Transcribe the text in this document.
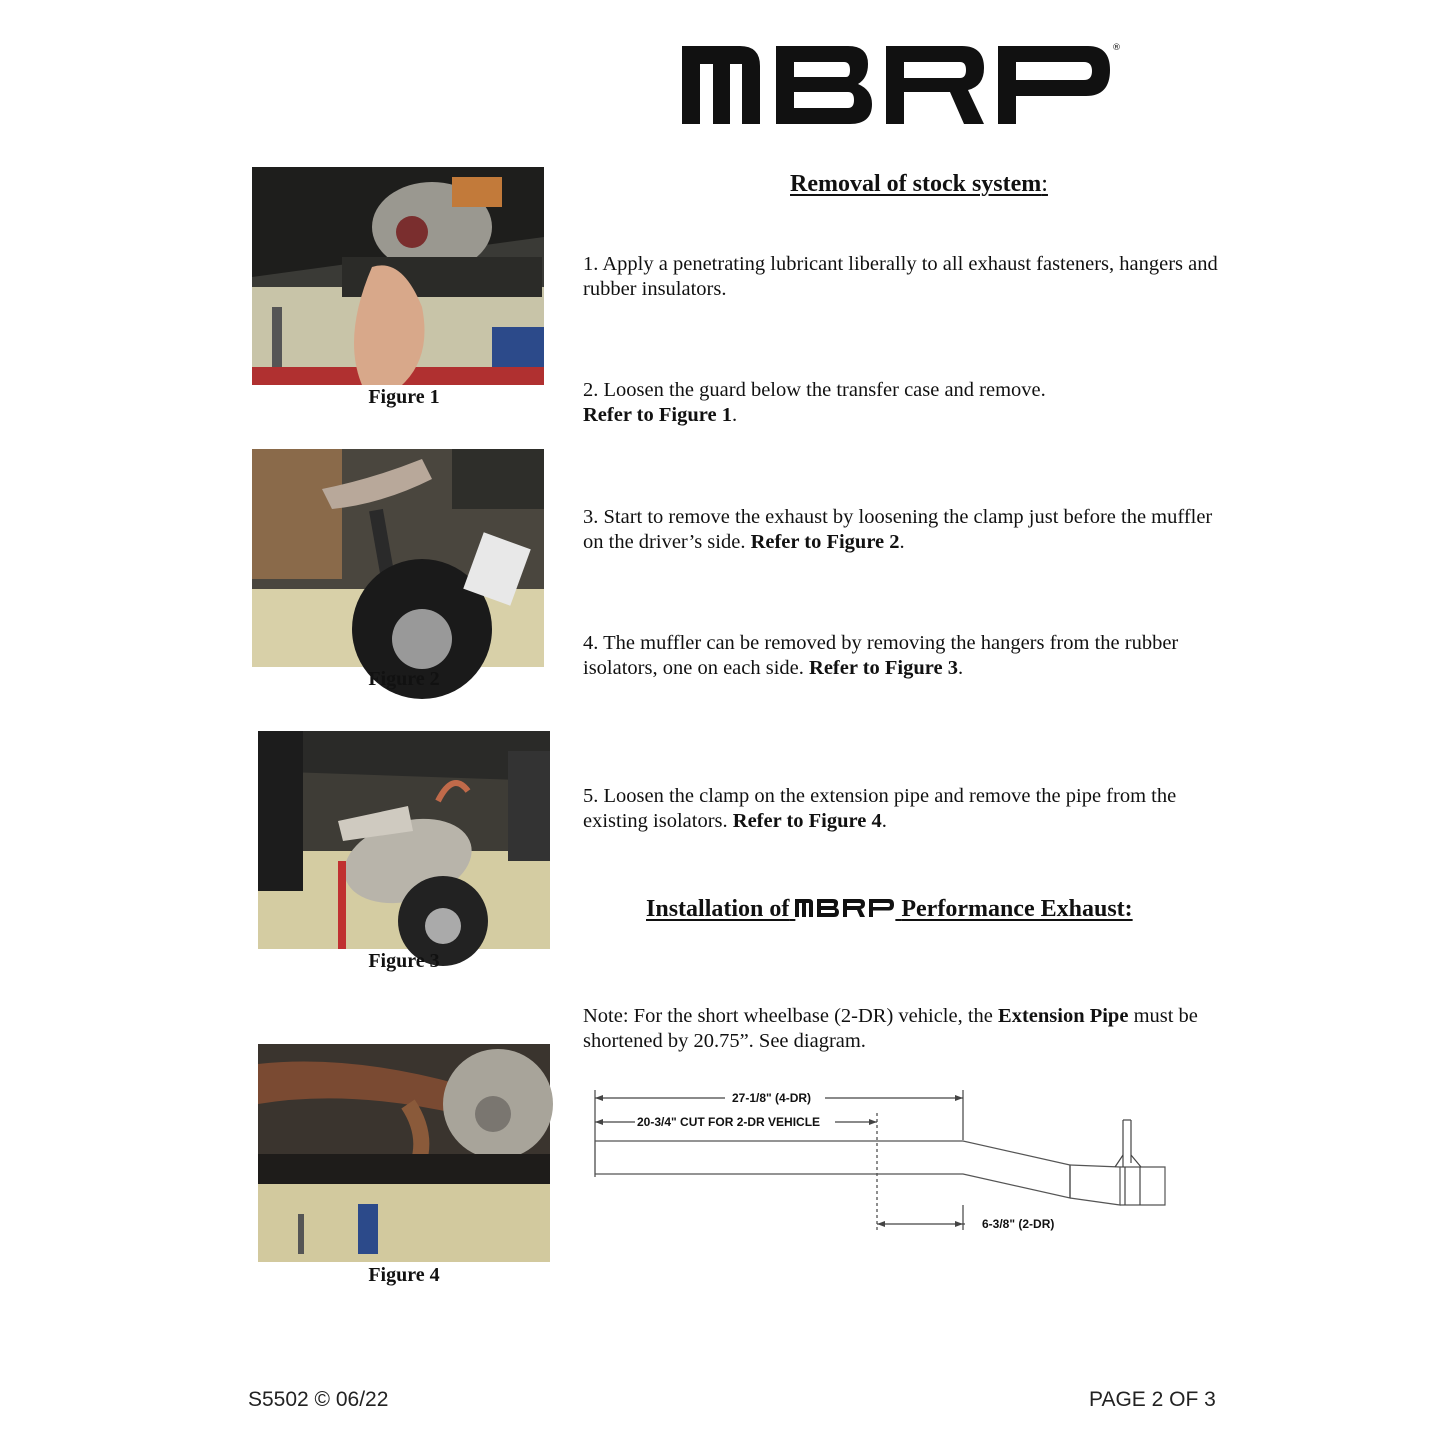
®
Figure 1
Figure 2
Figure 3
Figure 4
Removal of stock system:
1. Apply a penetrating lubricant liberally to all exhaust fasteners, hangers and rubber insulators.
2. Loosen the guard below the transfer case and remove.
Refer to Figure 1.
3. Start to remove the exhaust by loosening the clamp just before the muffler on the driver’s side. Refer to Figure 2.
4. The muffler can be removed by removing the hangers from the rubber isolators, one on each side. Refer to Figure 3.
5. Loosen the clamp on the extension pipe and remove the pipe from the existing isolators. Refer to Figure 4.
Installation of	Performance Exhaust:
Note: For the short wheelbase (2-DR) vehicle, the Extension Pipe must be shortened by 20.75”. See diagram.
27-1/8" (4-DR)
20-3/4" CUT FOR 2-DR VEHICLE
6-3/8" (2-DR)
S5502 © 06/22	PAGE 2 OF 3
